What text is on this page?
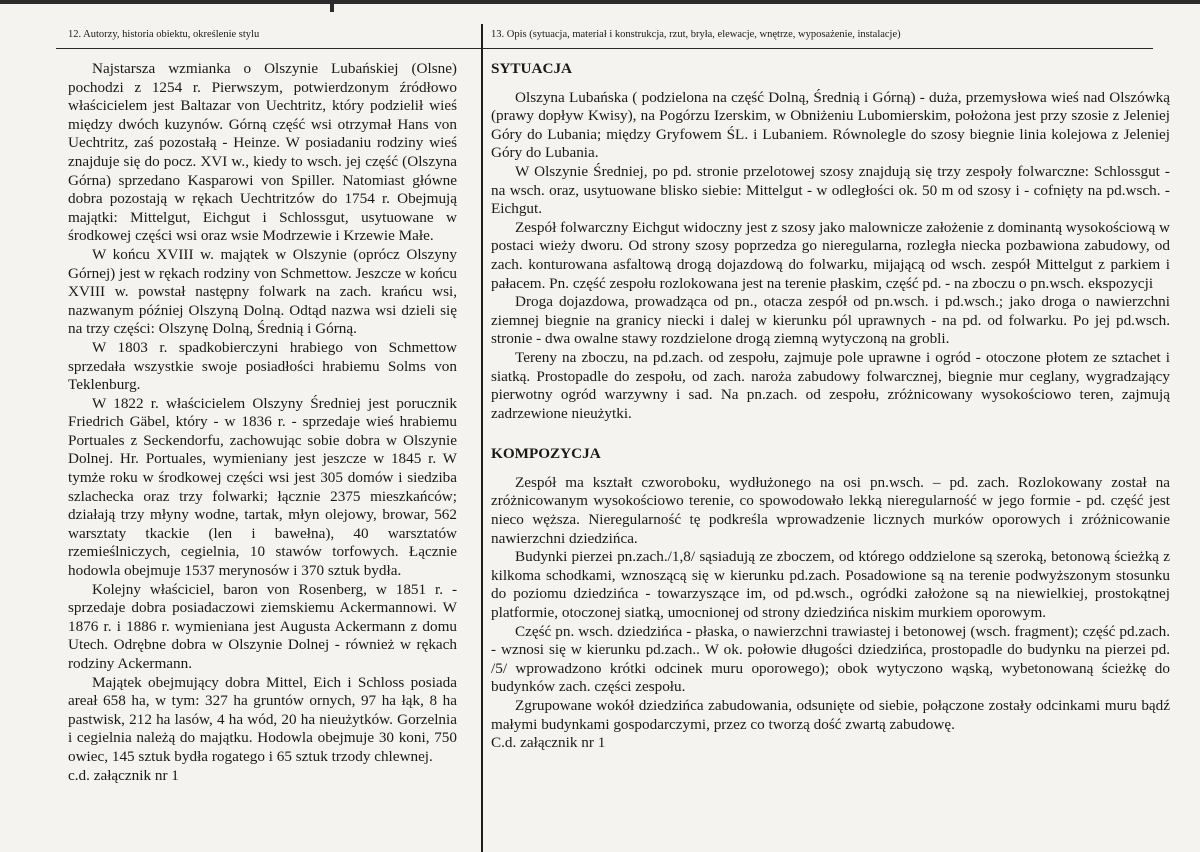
12. Autorzy, historia obiektu, określenie stylu

Najstarsza wzmianka o Olszynie Lubańskiej (Olsne) pochodzi z 1254 r. Pierwszym, potwierdzonym źródłowo właścicielem jest Baltazar von Uechtritz, który podzielił wieś między dwóch kuzynów. Górną część wsi otrzymał Hans von Uechtritz, zaś pozostałą - Heinze. W posiadaniu rodziny wieś znajduje się do pocz. XVI w., kiedy to wsch. jej część (Olszyna Górna) sprzedano Kasparowi von Spiller. Natomiast główne dobra pozostają w rękach Uechtritzów do 1754 r. Obejmują majątki: Mittelgut, Eichgut i Schlossgut, usytuowane w środkowej części wsi oraz wsie Modrzewie i Krzewie Małe.

W końcu XVIII w. majątek w Olszynie (oprócz Olszyny Górnej) jest w rękach rodziny von Schmettow. Jeszcze w końcu XVIII w. powstał następny folwark na zach. krańcu wsi, nazwanym później Olszyną Dolną. Odtąd nazwa wsi dzieli się na trzy części: Olszynę Dolną, Średnią i Górną.

W 1803 r. spadkobierczyni hrabiego von Schmettow sprzedała wszystkie swoje posiadłości hrabiemu Solms von Teklenburg.

W 1822 r. właścicielem Olszyny Średniej jest porucznik Friedrich Gäbel, który - w 1836 r. - sprzedaje wieś hrabiemu Portuales z Seckendorfu, zachowując sobie dobra w Olszynie Dolnej. Hr. Portuales, wymieniany jest jeszcze w 1845 r. W tymże roku w środkowej części wsi jest 305 domów i siedziba szlachecka oraz trzy folwarki; łącznie 2375 mieszkańców; działają trzy młyny wodne, tartak, młyn olejowy, browar, 562 warsztaty tkackie (len i bawełna), 40 warsztatów rzemieślniczych, cegielnia, 10 stawów torfowych. Łącznie hodowla obejmuje 1537 merynosów i 370 sztuk bydła.

Kolejny właściciel, baron von Rosenberg, w 1851 r. - sprzedaje dobra posiadaczowi ziemskiemu Ackermannowi. W 1876 r. i 1886 r. wymieniana jest Augusta Ackermann z domu Utech. Odrębne dobra w Olszynie Dolnej - również w rękach rodziny Ackermann.

Majątek obejmujący dobra Mittel, Eich i Schloss posiada areał 658 ha, w tym: 327 ha gruntów ornych, 97 ha łąk, 8 ha pastwisk, 212 ha lasów, 4 ha wód, 20 ha nieużytków. Gorzelnia i cegielnia należą do majątku. Hodowla obejmuje 30 koni, 750 owiec, 145 sztuk bydła rogatego i 65 sztuk trzody chlewnej.

c.d. załącznik nr 1

13. Opis (sytuacja, materiał i konstrukcja, rzut, bryła, elewacje, wnętrze, wyposażenie, instalacje)
SYTUACJA

Olszyna Lubańska ( podzielona na część Dolną, Średnią i Górną) - duża, przemysłowa wieś nad Olszówką (prawy dopływ Kwisy), na Pogórzu Izerskim, w Obniżeniu Lubomierskim, położona jest przy szosie z Jeleniej Góry do Lubania; między Gryfowem ŚL. i Lubaniem. Równolegle do szosy biegnie linia kolejowa z Jeleniej Góry do Lubania.

W Olszynie Średniej, po pd. stronie przelotowej szosy znajdują się trzy zespoły folwarczne: Schlossgut - na wsch. oraz, usytuowane blisko siebie: Mittelgut - w odległości ok. 50 m od szosy i - cofnięty na pd.wsch. - Eichgut.

Zespół folwarczny Eichgut widoczny jest z szosy jako malownicze założenie z dominantą wysokościową w postaci wieży dworu. Od strony szosy poprzedza go nieregularna, rozległa niecka pozbawiona zabudowy, od zach. konturowana asfaltową drogą dojazdową do folwarku, mijającą od wsch. zespół Mittelgut z parkiem i pałacem. Pn. część zespołu rozlokowana jest na terenie płaskim, część pd. - na zboczu o pn.wsch. ekspozycji

Droga dojazdowa, prowadząca od pn., otacza zespół od pn.wsch. i pd.wsch.; jako droga o nawierzchni ziemnej biegnie na granicy niecki i dalej w kierunku pól uprawnych - na pd. od folwarku. Po jej pd.wsch. stronie - dwa owalne stawy rozdzielone drogą ziemną wytyczoną na grobli.

Tereny na zboczu, na pd.zach. od zespołu, zajmuje pole uprawne i ogród - otoczone płotem ze sztachet i siatką. Prostopadle do zespołu, od zach. naroża zabudowy folwarcznej, biegnie mur ceglany, wygradzający pierwotny ogród warzywny i sad. Na pn.zach. od zespołu, zróżnicowany wysokościowo teren, zajmują zadrzewione nieużytki.

KOMPOZYCJA

Zespół ma kształt czworoboku, wydłużonego na osi pn.wsch. – pd. zach. Rozlokowany został na zróżnicowanym wysokościowo terenie, co spowodowało lekką nieregularność w jego formie - pd. część jest nieco węższa. Nieregularność tę podkreśla wprowadzenie licznych murków oporowych i zróżnicowanie nawierzchni dziedzińca.

Budynki pierzei pn.zach./1,8/ sąsiadują ze zboczem, od którego oddzielone są szeroką, betonową ścieżką z kilkoma schodkami, wznoszącą się w kierunku pd.zach. Posadowione są na terenie podwyższonym stosunku do poziomu dziedzińca - towarzyszące im, od pd.wsch., ogródki założone są na niewielkiej, prostokątnej platformie, otoczonej siatką, umocnionej od strony dziedzińca niskim murkiem oporowym.

Część pn. wsch. dziedzińca - płaska, o nawierzchni trawiastej i betonowej (wsch. fragment); część pd.zach. - wznosi się w kierunku pd.zach.. W ok. połowie długości dziedzińca, prostopadle do budynku na pierzei pd. /5/ wprowadzono krótki odcinek muru oporowego); obok wytyczono wąską, wybetonowaną ścieżkę do budynków zach. części zespołu.

Zgrupowane wokół dziedzińca zabudowania, odsunięte od siebie, połączone zostały odcinkami muru bądź małymi budynkami gospodarczymi, przez co tworzą dość zwartą zabudowę.

C.d. załącznik nr 1
